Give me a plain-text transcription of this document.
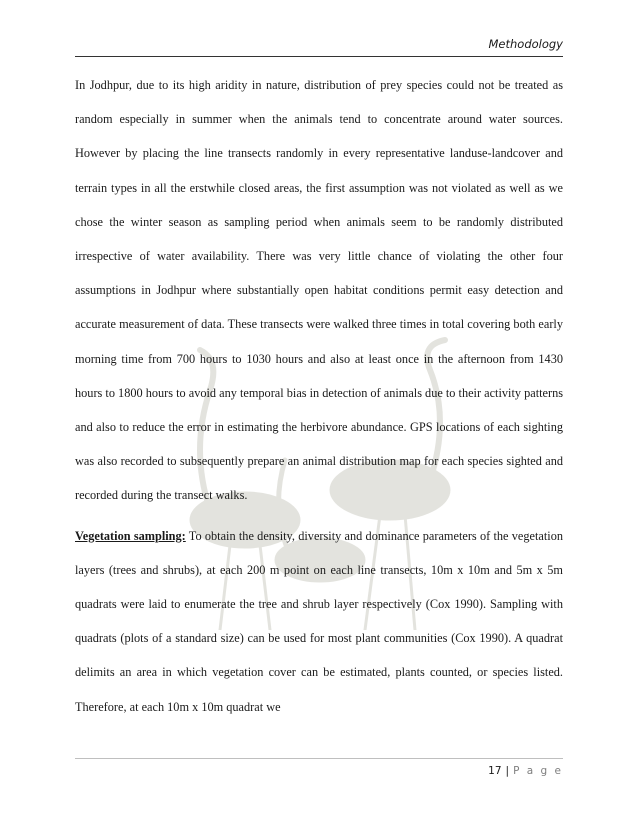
Methodology

In Jodhpur, due to its high aridity in nature, distribution of prey species could not be treated as random especially in summer when the animals tend to concentrate around water sources. However by placing the line transects randomly in every representative landuse-landcover and terrain types in all the erstwhile closed areas, the first assumption was not violated as well as we chose the winter season as sampling period when animals seem to be randomly distributed irrespective of water availability. There was very little chance of violating the other four assumptions in Jodhpur where substantially open habitat conditions permit easy detection and accurate measurement of data. These transects were walked three times in total covering both early morning time from 700 hours to 1030 hours and also at least once in the afternoon from 1430 hours to 1800 hours to avoid any temporal bias in detection of animals due to their activity patterns and also to reduce the error in estimating the herbivore abundance. GPS locations of each sighting was also recorded to subsequently prepare an animal distribution map for each species sighted and recorded during the transect walks.

Vegetation sampling: To obtain the density, diversity and dominance parameters of the vegetation layers (trees and shrubs), at each 200 m point on each line transects, 10m x 10m and 5m x 5m quadrats were laid to enumerate the tree and shrub layer respectively (Cox 1990). Sampling with quadrats (plots of a standard size) can be used for most plant communities (Cox 1990). A quadrat delimits an area in which vegetation cover can be estimated, plants counted, or species listed. Therefore, at each 10m x 10m quadrat we

17 | P a g e
